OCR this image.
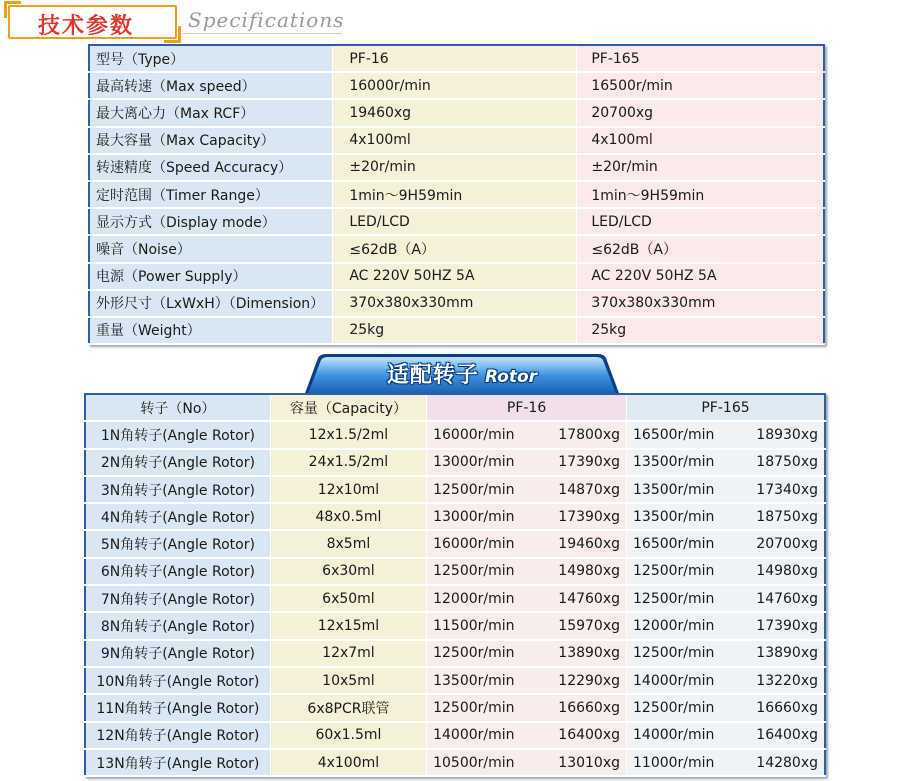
技术参数	Specifications
型号（Type）	PF-16	PF-165
最高转速（Max speed）	16000r/min	16500r/min
最大离心力（Max RCF）	19460xg	20700xg
最大容量（Max Capacity）	4x100ml	4x100ml
转速精度（Speed Accuracy）	±20r/min	±20r/min
定时范围（Timer Range）	1min～9H59min	1min～9H59min
显示方式（Display mode）	LED/LCD	LED/LCD
噪音（Noise）	≤62dB（A）	≤62dB（A）
电源（Power Supply）	AC 220V 50HZ 5A	AC 220V 50HZ 5A
外形尺寸（LxWxH）（Dimension）	370x380x330mm	370x380x330mm
重量（Weight）	25kg	25kg
适配转子 Rotor
转子（No）	容量（Capacity）	PF-16	PF-165
1N角转子(Angle Rotor)	12x1.5/2ml	16000r/min 17800xg	16500r/min 18930xg

2N角转子(Angle Rotor)	24x1.5/2ml	13000r/min 17390xg	13500r/min 18750xg

3N角转子(Angle Rotor)	12x10ml	12500r/min 14870xg	13500r/min 17340xg

4N角转子(Angle Rotor)	48x0.5ml	13000r/min 17390xg	13500r/min 18750xg

5N角转子(Angle Rotor)	8x5ml	16000r/min 19460xg	16500r/min 20700xg

6N角转子(Angle Rotor)	6x30ml	12500r/min 14980xg	12500r/min 14980xg

7N角转子(Angle Rotor)	6x50ml	12000r/min 14760xg	12500r/min 14760xg

8N角转子(Angle Rotor)	12x15ml	11500r/min 15970xg	12000r/min 17390xg

9N角转子(Angle Rotor)	12x7ml	12500r/min 13890xg	12500r/min 13890xg

10N角转子(Angle Rotor)	10x5ml	13500r/min 12290xg	14000r/min 13220xg

11N角转子(Angle Rotor)	6x8PCR联管	12500r/min 16660xg	12500r/min 16660xg

12N角转子(Angle Rotor)	60x1.5ml	14000r/min 16400xg	14000r/min 16400xg

13N角转子(Angle Rotor)	4x100ml	10500r/min 13010xg	11000r/min 14280xg
